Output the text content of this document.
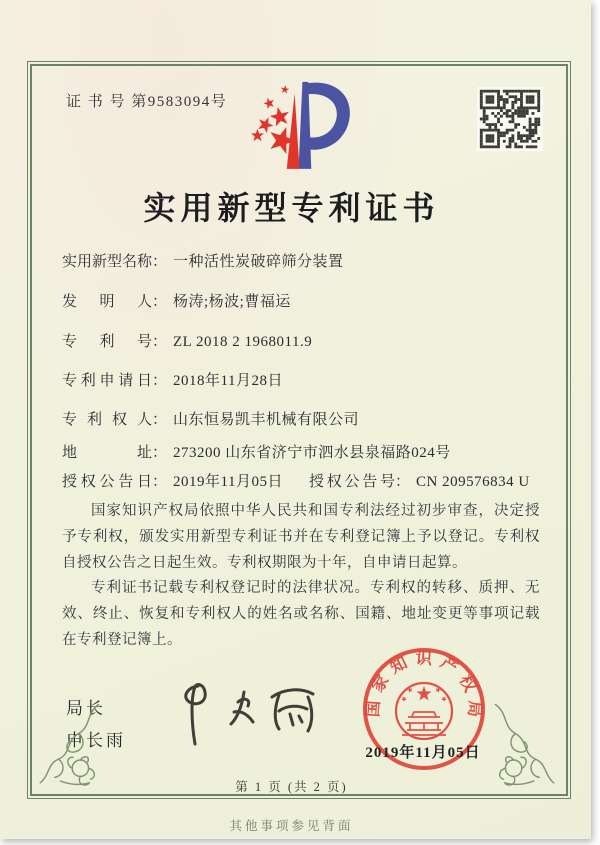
证 书 号 第9583094号
实用新型专利证书
实用新型名称： 一种活性炭破碎筛分装置
发明人： 杨涛;杨波;曹福运
专利号： ZL 2018 2 1968011.9
专利申请日： 2018年11月28日
专利权人： 山东恒易凯丰机械有限公司
地址： 273200 山东省济宁市泗水县泉福路024号
授权公告日： 2019年11月05日 授权公告号： CN 209576834 U

国家知识产权局依照中华人民共和国专利法经过初步审查，决定授予专利权，颁发实用新型专利证书并在专利登记簿上予以登记。专利权自授权公告之日起生效。专利权期限为十年，自申请日起算。

专利证书记载专利权登记时的法律状况。专利权的转移、质押、无效、终止、恢复和专利权人的姓名或名称、国籍、地址变更等事项记载在专利登记簿上。

局长
申长雨
国家知识产权局
2019年11月05日
第 1 页 (共 2 页)
其他事项参见背面
